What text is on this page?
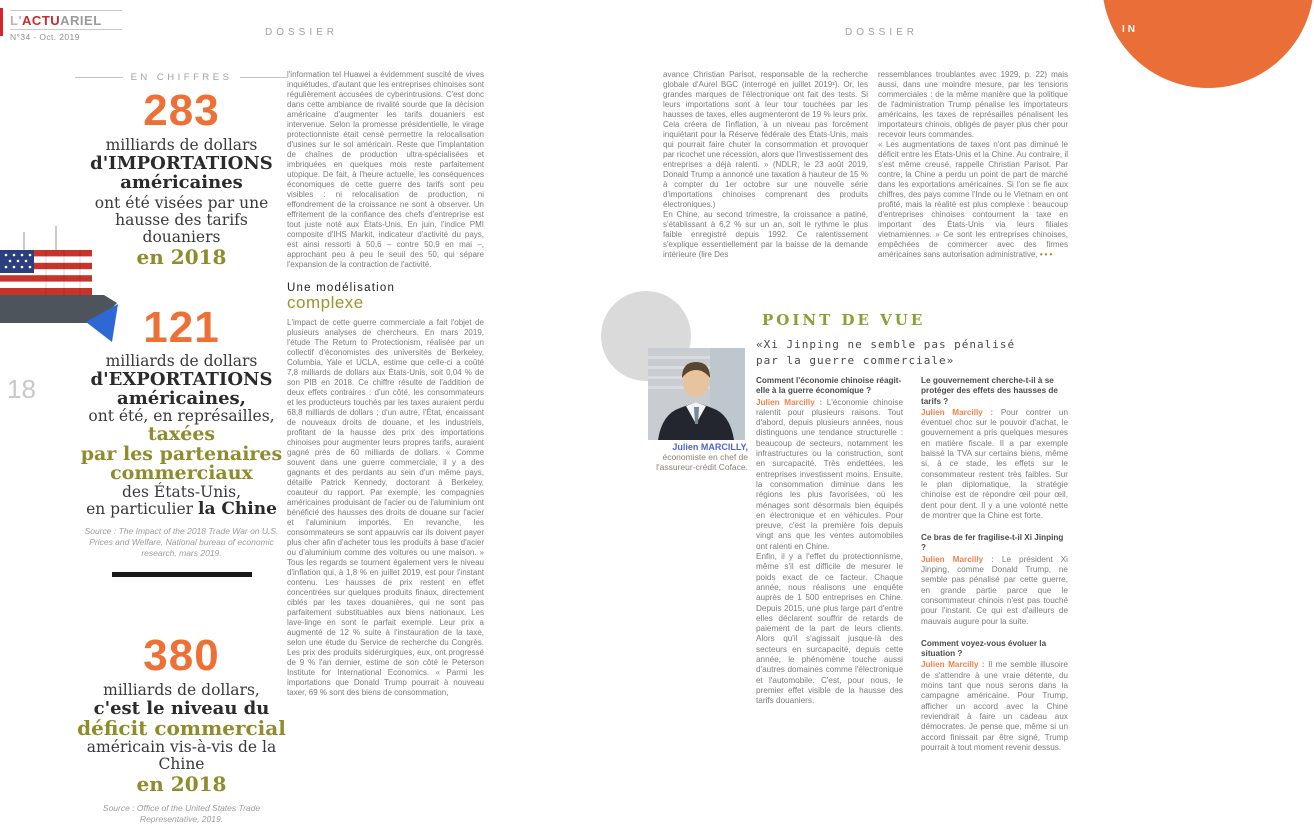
L'ACTUARIEL
N°34 - Oct. 2019	DOSSIER	DOSSIER	IN
EN CHIFFRES
283
milliards de dollars
d'IMPORTATIONS
américaines
ont été visées par une
hausse des tarifs douaniers
en 2018
121
milliards de dollars
d'EXPORTATIONS
américaines,
ont été, en représailles,
taxées
par les partenaires
commerciaux
des États-Unis,
en particulier la Chine
Source : The Impact of the 2018 Trade War on U.S. Prices and Welfare, National bureau of economic research, mars 2019.
380
milliards de dollars,
c'est le niveau du
déficit commercial
américain vis-à-vis de la Chine
en 2018
Source : Office of the United States Trade Representative, 2019.
18

l'information tel Huawei a évidemment suscité de vives inquiétudes, d'autant que les entreprises chinoises sont régulièrement accusées de cyberintrusions. C'est donc dans cette ambiance de rivalité sourde que la décision américaine d'augmenter les tarifs douaniers est intervenue. Selon la promesse présidentielle, le virage protectionniste était censé permettre la relocalisation d'usines sur le sol américain. Reste que l'implantation de chaînes de production ultra-spécialisées et imbriquées en quelques mois reste parfaitement utopique. De fait, à l'heure actuelle, les conséquences économiques de cette guerre des tarifs sont peu visibles : ni relocalisation de production, ni effondrement de la croissance ne sont à observer. Un effritement de la confiance des chefs d'entreprise est tout juste noté aux États-Unis. En juin, l'indice PMI composite d'IHS Markit, indicateur d'activité du pays, est ainsi ressorti à 50,6 – contre 50,9 en mai –, approchant peu à peu le seuil des 50, qui sépare l'expansion de la contraction de l'activité.

Une modélisation
complexe

L'impact de cette guerre commerciale a fait l'objet de plusieurs analyses de chercheurs. En mars 2019, l'étude The Return to Protectionism, réalisée par un collectif d'économistes des universités de Berkeley, Columbia, Yale et UCLA, estime que celle-ci a coûté 7,8 milliards de dollars aux États-Unis, soit 0,04 % de son PIB en 2018. Ce chiffre résulte de l'addition de deux effets contraires : d'un côté, les consommateurs et les producteurs touchés par les taxes auraient perdu 68,8 milliards de dollars ; d'un autre, l'État, encaissant de nouveaux droits de douane, et les industriels, profitant de la hausse des prix des importations chinoises pour augmenter leurs propres tarifs, auraient gagné près de 60 milliards de dollars. « Comme souvent dans une guerre commerciale, il y a des gagnants et des perdants au sein d'un même pays, détaille Patrick Kennedy, doctorant à Berkeley, coauteur du rapport. Par exemple, les compagnies américaines produisant de l'acier ou de l'aluminium ont bénéficié des hausses des droits de douane sur l'acier et l'aluminium importés. En revanche, les consommateurs se sont appauvris car ils doivent payer plus cher afin d'acheter tous les produits à base d'acier ou d'aluminium comme des voitures ou une maison. » Tous les regards se tournent également vers le niveau d'inflation qui, à 1,8 % en juillet 2019, est pour l'instant contenu. Les hausses de prix restent en effet concentrées sur quelques produits finaux, directement ciblés par les taxes douanières, qui ne sont pas parfaitement substituables aux biens nationaux. Les lave-linge en sont le parfait exemple. Leur prix a augmenté de 12 % suite à l'instauration de la taxe, selon une étude du Service de recherche du Congrès. Les prix des produits sidérurgiques, eux, ont progressé de 9 % l'an dernier, estime de son côté le Peterson Institute for International Economics. « Parmi les importations que Donald Trump pourrait à nouveau taxer, 69 % sont des biens de consommation,

avance Christian Parisot, responsable de la recherche globale d'Aurel BGC (interrogé en juillet 2019¹). Or, les grandes marques de l'électronique ont fait des tests. Si leurs importations sont à leur tour touchées par les hausses de taxes, elles augmenteront de 19 % leurs prix. Cela créera de l'inflation, à un niveau pas forcément inquiétant pour la Réserve fédérale des États-Unis, mais qui pourrait faire chuter la consommation et provoquer par ricochet une récession, alors que l'investissement des entreprises a déjà ralenti. » (NDLR, le 23 août 2019, Donald Trump a annoncé une taxation à hauteur de 15 % à compter du 1er octobre sur une nouvelle série d'importations chinoises comprenant des produits électroniques.)

En Chine, au second trimestre, la croissance a patiné, s'établissant à 6,2 % sur un an, soit le rythme le plus faible enregistré depuis 1992. Ce ralentissement s'explique essentiellement par la baisse de la demande intérieure (lire Des

ressemblances troublantes avec 1929, p. 22) mais aussi, dans une moindre mesure, par les tensions commerciales : de la même manière que la politique de l'administration Trump pénalise les importateurs américains, les taxes de représailles pénalisent les importateurs chinois, obligés de payer plus cher pour recevoir leurs commandes.

« Les augmentations de taxes n'ont pas diminué le déficit entre les États-Unis et la Chine. Au contraire, il s'est même creusé, rappelle Christian Parisot. Par contre, la Chine a perdu un point de part de marché dans les exportations américaines. Si l'on se fie aux chiffres, des pays comme l'Inde ou le Vietnam en ont profité, mais la réalité est plus complexe : beaucoup d'entreprises chinoises contournent la taxe en important des États-Unis via leurs filiales vietnamiennes. » Ce sont les entreprises chinoises, empêchées de commercer avec des firmes américaines sans autorisation administrative, •••

Julien MARCILLY,
économiste en chef de l'assureur-crédit Coface.
POINT DE VUE
«Xi Jinping ne semble pas pénalisé
par la guerre commerciale»
Comment l'économie chinoise réagit-elle à la guerre économique ?

Julien Marcilly : L'économie chinoise ralentit pour plusieurs raisons. Tout d'abord, depuis plusieurs années, nous distinguons une tendance structurelle : beaucoup de secteurs, notamment les infrastructures ou la construction, sont en surcapacité. Très endettées, les entreprises investissent moins. Ensuite, la consommation diminue dans les régions les plus favorisées, où les ménages sont désormais bien équipés en électronique et en véhicules. Pour preuve, c'est la première fois depuis vingt ans que les ventes automobiles ont ralenti en Chine.

Enfin, il y a l'effet du protectionnisme, même s'il est difficile de mesurer le poids exact de ce facteur. Chaque année, nous réalisons une enquête auprès de 1 500 entreprises en Chine. Depuis 2015, une plus large part d'entre elles déclarent souffrir de retards de paiement de la part de leurs clients. Alors qu'il s'agissait jusque-là des secteurs en surcapacité, depuis cette année, le phénomène touche aussi d'autres domaines comme l'électronique et l'automobile. C'est, pour nous, le premier effet visible de la hausse des tarifs douaniers.

Le gouvernement cherche-t-il à se protéger des effets des hausses de tarifs ?

Julien Marcilly : Pour contrer un éventuel choc sur le pouvoir d'achat, le gouvernement a pris quelques mesures en matière fiscale. Il a par exemple baissé la TVA sur certains biens, même si, à ce stade, les effets sur le consommateur restent très faibles. Sur le plan diplomatique, la stratégie chinoise est de répondre œil pour œil, dent pour dent. Il y a une volonté nette de montrer que la Chine est forte.

Ce bras de fer fragilise-t-il Xi Jinping ?

Julien Marcilly : Le président Xi Jinping, comme Donald Trump, ne semble pas pénalisé par cette guerre, en grande partie parce que le consommateur chinois n'est pas touché pour l'instant. Ce qui est d'ailleurs de mauvais augure pour la suite.

Comment voyez-vous évoluer la situation ?

Julien Marcilly : Il me semble illusoire de s'attendre à une vraie détente, du moins tant que nous serons dans la campagne américaine. Pour Trump, afficher un accord avec la Chine reviendrait à faire un cadeau aux démocrates. Je pense que, même si un accord finissait par être signé, Trump pourrait à tout moment revenir dessus.
